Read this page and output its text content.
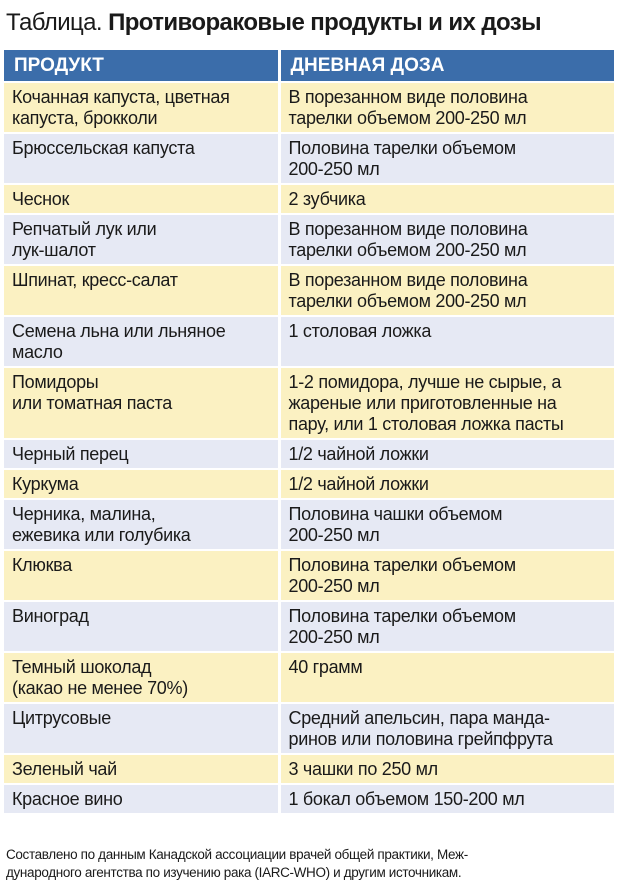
Таблица. Противораковые продукты и их дозы
ПРОДУКТ	ДНЕВНАЯ ДОЗА

Кочанная капуста, цветная
капуста, брокколи	В порезанном виде половина
тарелки объемом 200-250 мл

Брюссельская капуста	Половина тарелки объемом
200-250 мл

Чеснок	2 зубчика

Репчатый лук или
лук-шалот	В порезанном виде половина
тарелки объемом 200-250 мл

Шпинат, кресс-салат	В порезанном виде половина
тарелки объемом 200-250 мл

Семена льна или льняное
масло	1 столовая ложка

Помидоры
или томатная паста	1-2 помидора, лучше не сырые, а
жареные или приготовленные на
пару, или 1 столовая ложка пасты

Черный перец	1/2 чайной ложки

Куркума	1/2 чайной ложки

Черника, малина,
ежевика или голубика	Половина чашки объемом
200-250 мл

Клюква	Половина тарелки объемом
200-250 мл

Виноград	Половина тарелки объемом
200-250 мл

Темный шоколад
(какао не менее 70%)	40 грамм

Цитрусовые	Средний апельсин, пара манда-
ринов или половина грейпфрута

Зеленый чай	3 чашки по 250 мл

Красное вино	1 бокал объемом 150-200 мл
Составлено по данным Канадской ассоциации врачей общей практики, Меж-
дународного агентства по изучению рака (IARC-WHO) и другим источникам.
